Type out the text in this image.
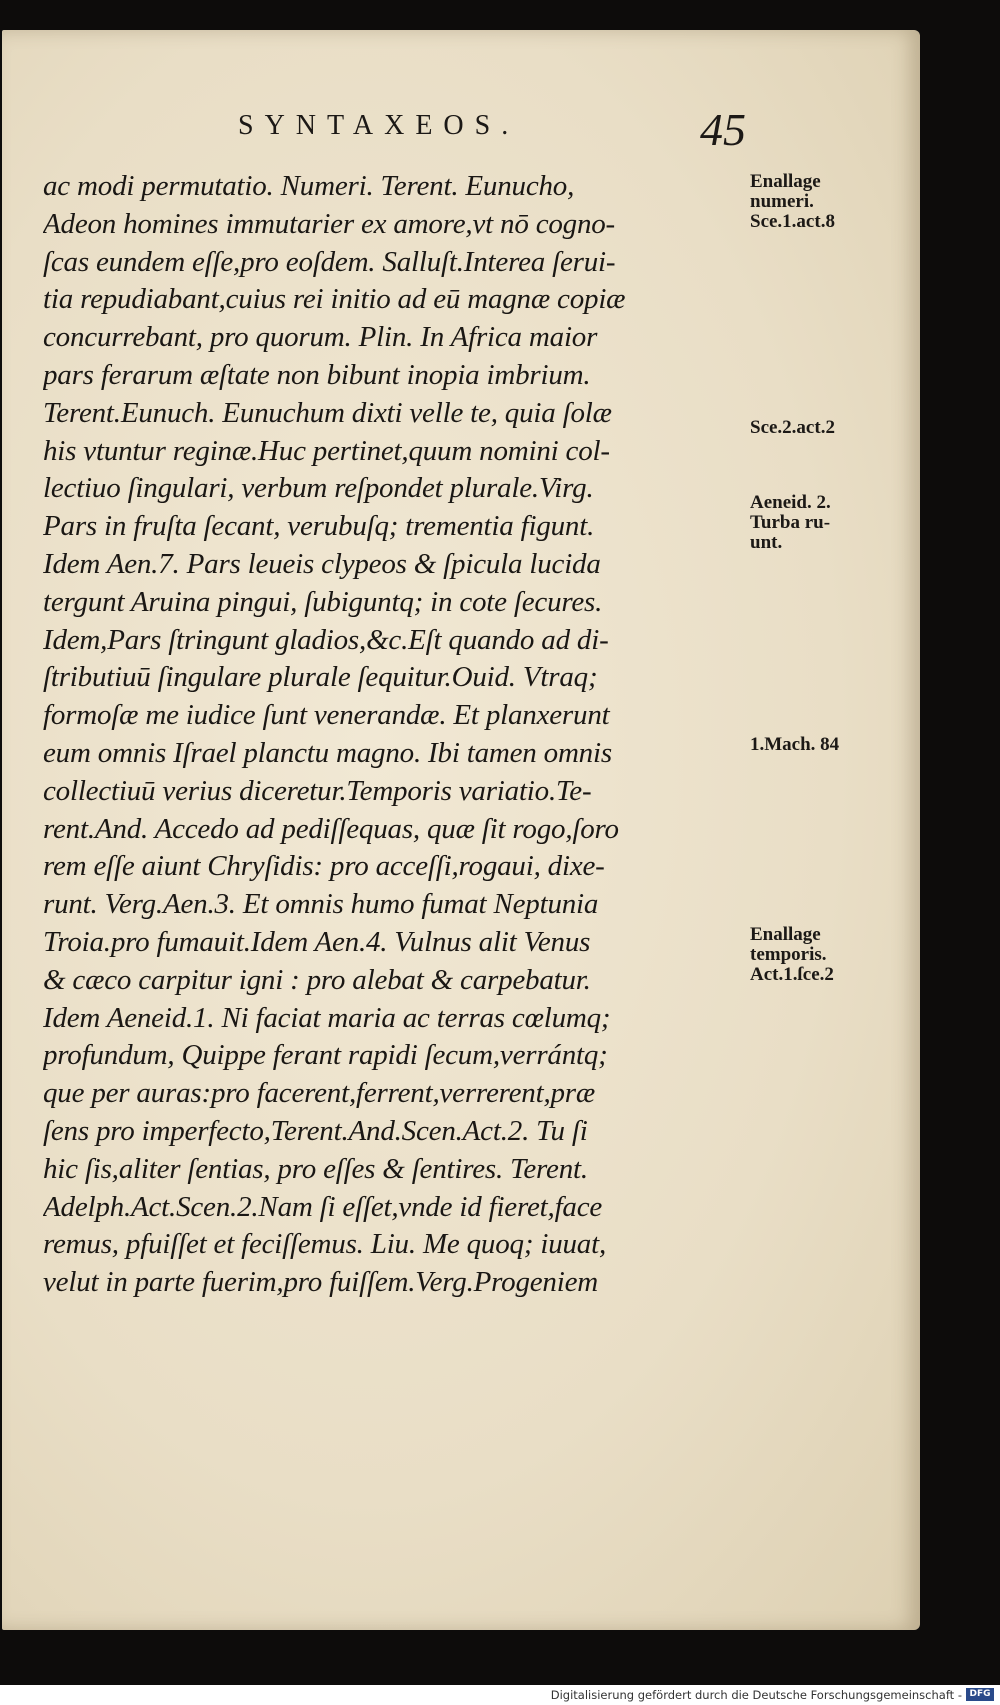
SYNTAXEOS.	45
ac modi permutatio. Numeri. Terent. Eunucho,
Adeon homines immutarier ex amore,vt nō cogno-
ſcas eundem eſſe,pro eoſdem. Salluſt.Interea ſerui-
tia repudiabant,cuius rei initio ad eū magnæ copiæ
concurrebant, pro quorum. Plin. In Africa maior
pars ferarum æſtate non bibunt inopia imbrium.
Terent.Eunuch. Eunuchum dixti velle te, quia ſolæ
his vtuntur reginæ.Huc pertinet,quum nomini col-
lectiuo ſingulari, verbum reſpondet plurale.Virg.
Pars in fruſta ſecant, verubuſq; trementia figunt.
Idem Aen.7. Pars leueis clypeos & ſpicula lucida
tergunt Aruina pingui, ſubiguntq; in cote ſecures.
Idem,Pars ſtringunt gladios,&c.Eſt quando ad di-
ſtributiuū ſingulare plurale ſequitur.Ouid. Vtraq;
formoſæ me iudice ſunt venerandæ. Et planxerunt
eum omnis Iſrael planctu magno. Ibi tamen omnis
collectiuū verius diceretur.Temporis variatio.Te-
rent.And. Accedo ad pediſſequas, quæ ſit rogo,ſoro
rem eſſe aiunt Chryſidis: pro acceſſi,rogaui, dixe-
runt. Verg.Aen.3. Et omnis humo fumat Neptunia
Troia.pro fumauit.Idem Aen.4. Vulnus alit Venus
& cæco carpitur igni : pro alebat & carpebatur.
Idem Aeneid.1. Ni faciat maria ac terras cœlumq;
profundum, Quippe ferant rapidi ſecum,verrántq;
que per auras:pro facerent,ferrent,verrerent,præ
ſens pro imperfecto,Terent.And.Scen.Act.2. Tu ſi
hic ſis,aliter ſentias, pro eſſes & ſentires. Terent.
Adelph.Act.Scen.2.Nam ſi eſſet,vnde id fieret,face
remus, pfuiſſet et feciſſemus. Liu. Me quoq; iuuat,
velut in parte fuerim,pro fuiſſem.Verg.Progeniem
Enallage
numeri.
Sce.1.act.8
Sce.2.act.2
Aeneid. 2.
Turba ru-
unt.
1.Mach. 84
Enallage
temporis.
Act.1.ſce.2
Digitalisierung gefördert durch die Deutsche Forschungsgemeinschaft - DFG
